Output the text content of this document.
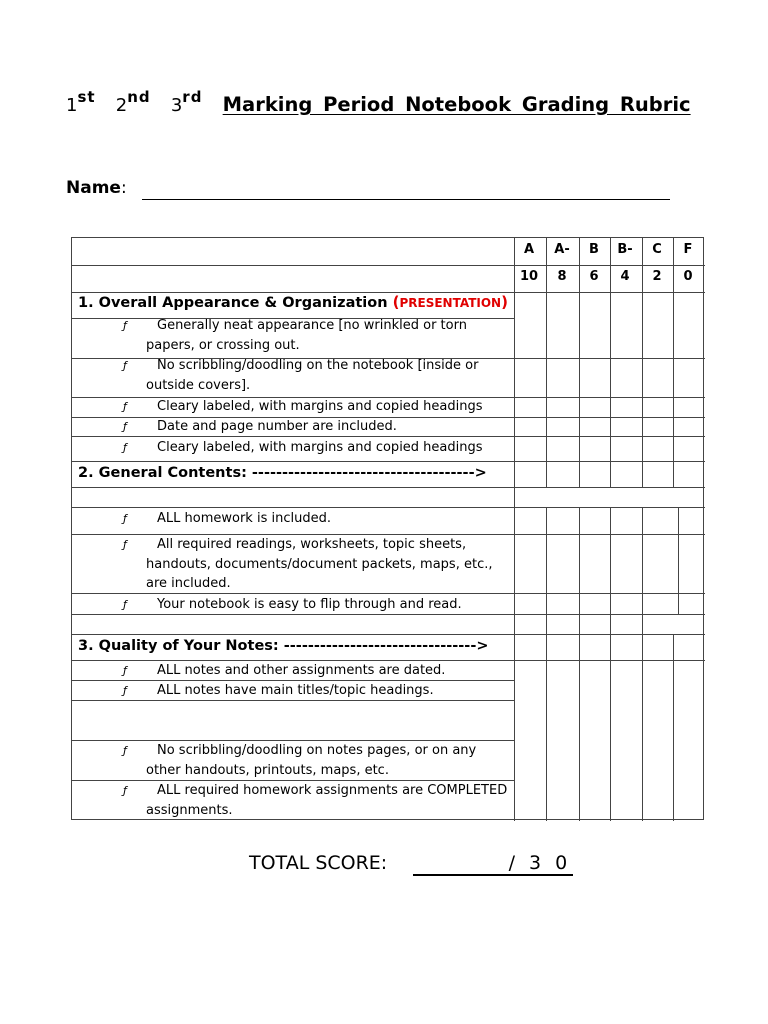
1st 2nd 3rd Marking Period Notebook Grading Rubric
Name:
A	A-	B	B-	C	F
10	8	6	4	2	0
1. Overall Appearance & Organization (PRESENTATION)
ƒ	Generally neat appearance [no wrinkled or torn papers, or crossing out.
ƒ	No scribbling/doodling on the notebook [inside or outside covers].
ƒ	Cleary labeled, with margins and copied headings
ƒ	Date and page number are included.
ƒ	Cleary labeled, with margins and copied headings
2. General Contents: ------------------------------------->
ƒ	ALL homework is included.
ƒ	All required readings, worksheets, topic sheets, handouts, documents/document packets, maps, etc., are included.
ƒ	Your notebook is easy to flip through and read.
3. Quality of Your Notes: -------------------------------->
ƒ	ALL notes and other assignments are dated.
ƒ	ALL notes have main titles/topic headings.
ƒ	No scribbling/doodling on notes pages, or on any other handouts, printouts, maps, etc.
ƒ	ALL required homework assignments are COMPLETED assignments.
TOTAL SCORE:	/ 3 0
